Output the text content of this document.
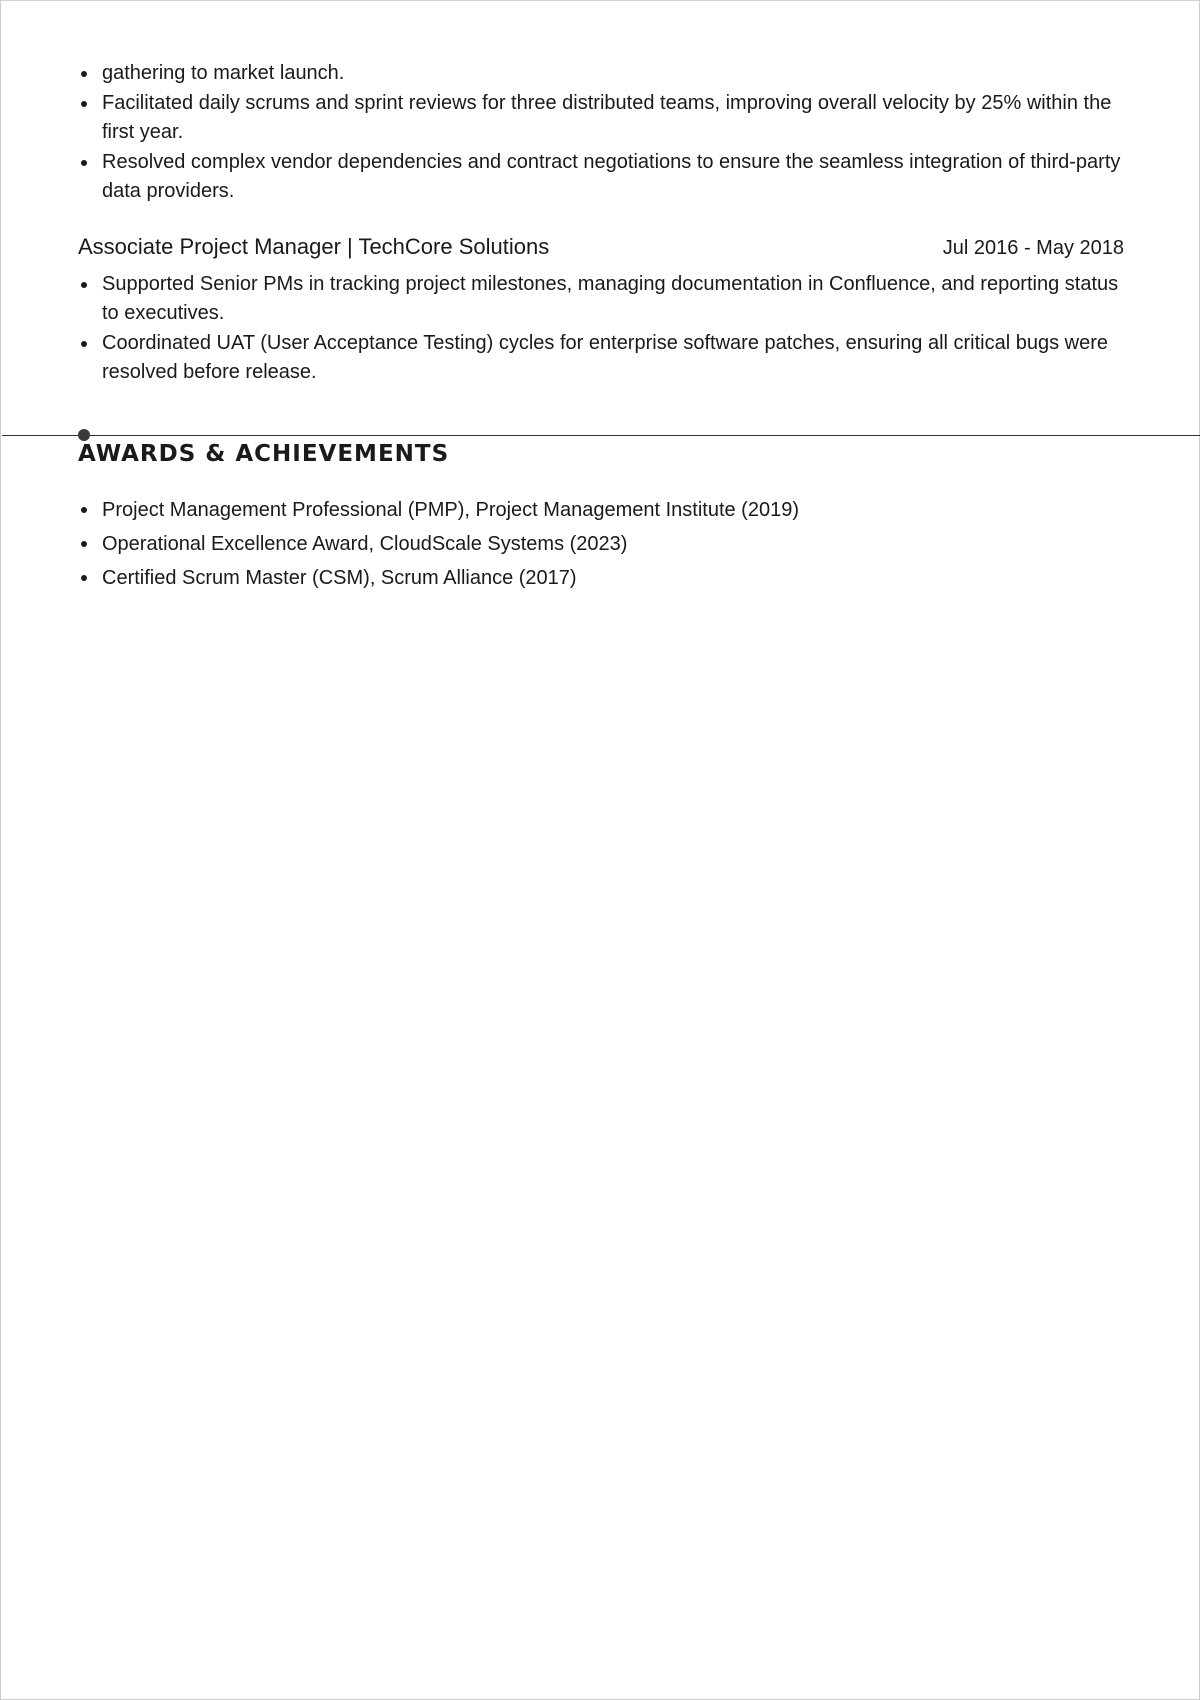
gathering to market launch.
Facilitated daily scrums and sprint reviews for three distributed teams, improving overall velocity by 25% within the first year.
Resolved complex vendor dependencies and contract negotiations to ensure the seamless integration of third-party data providers.
Associate Project Manager | TechCore Solutions	Jul 2016 - May 2018
Supported Senior PMs in tracking project milestones, managing documentation in Confluence, and reporting status to executives.
Coordinated UAT (User Acceptance Testing) cycles for enterprise software patches, ensuring all critical bugs were resolved before release.
AWARDS & ACHIEVEMENTS
Project Management Professional (PMP), Project Management Institute (2019)
Operational Excellence Award, CloudScale Systems (2023)
Certified Scrum Master (CSM), Scrum Alliance (2017)
